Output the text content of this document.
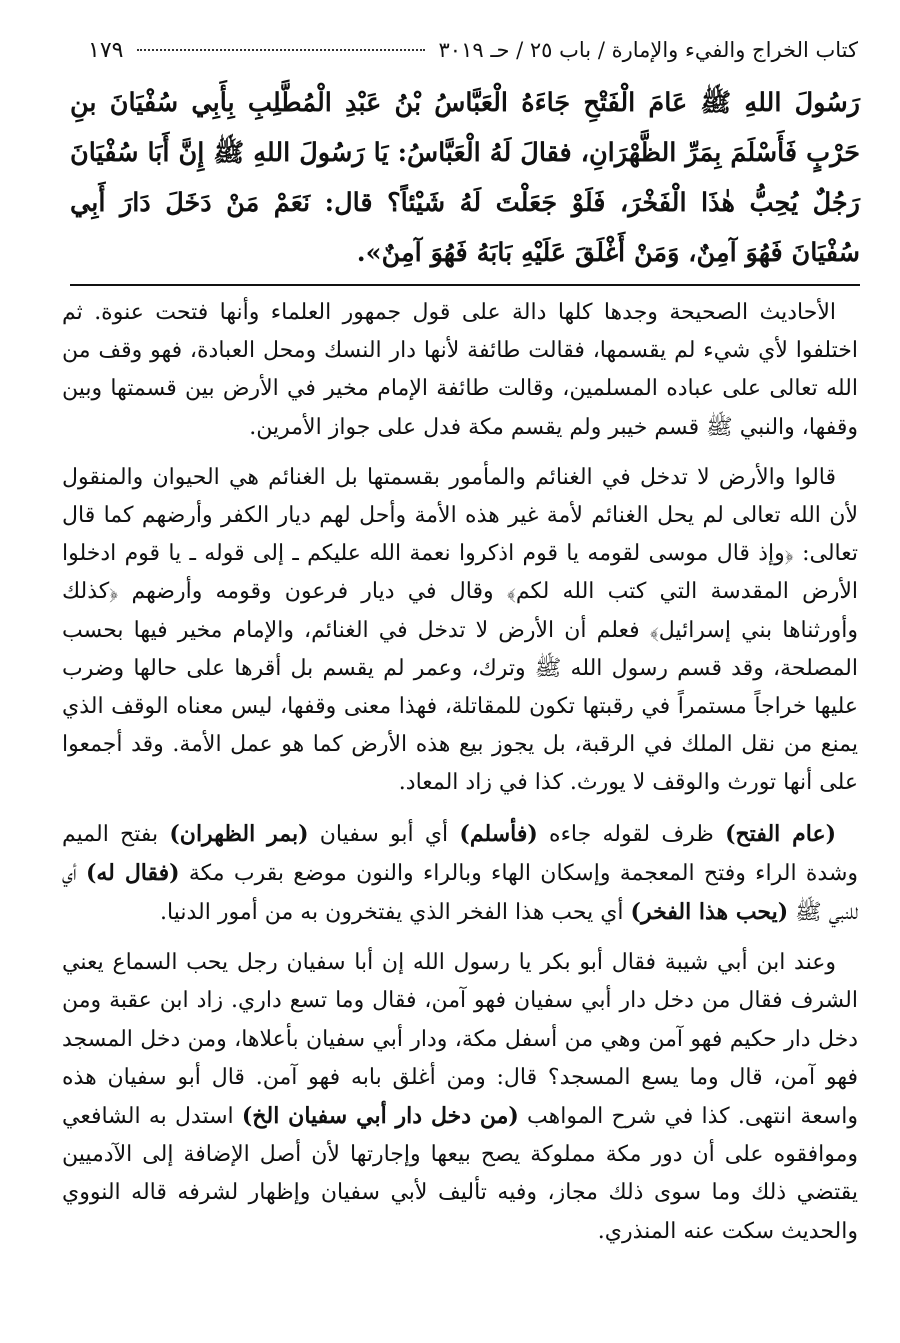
كتاب الخراج والفيء والإمارة / باب ٢٥ / حـ ٣٠١٩
١٧٩
رَسُولَ اللهِ ﷺ عَامَ الْفَتْحِ جَاءَهُ الْعَبَّاسُ بْنُ عَبْدِ الْمُطَّلِبِ بِأَبِي سُفْيَانَ بنِ حَرْبٍ فَأَسْلَمَ بِمَرِّ الظَّهْرَانِ، فقالَ لَهُ الْعَبَّاسُ: يَا رَسُولَ اللهِ ﷺ إِنَّ أَبَا سُفْيَانَ رَجُلٌ يُحِبُّ هٰذَا الْفَخْرَ، فَلَوْ جَعَلْتَ لَهُ شَيْئاً؟ قال: نَعَمْ مَنْ دَخَلَ دَارَ أَبِي سُفْيَانَ فَهُوَ آمِنٌ، وَمَنْ أَغْلَقَ عَلَيْهِ بَابَهُ فَهُوَ آمِنٌ».

الأحاديث الصحيحة وجدها كلها دالة على قول جمهور العلماء وأنها فتحت عنوة. ثم اختلفوا لأي شيء لم يقسمها، فقالت طائفة لأنها دار النسك ومحل العبادة، فهو وقف من الله تعالى على عباده المسلمين، وقالت طائفة الإمام مخير في الأرض بين قسمتها وبين وقفها، والنبي ﷺ قسم خيبر ولم يقسم مكة فدل على جواز الأمرين.

قالوا والأرض لا تدخل في الغنائم والمأمور بقسمتها بل الغنائم هي الحيوان والمنقول لأن الله تعالى لم يحل الغنائم لأمة غير هذه الأمة وأحل لهم ديار الكفر وأرضهم كما قال تعالى: ﴿وإذ قال موسى لقومه يا قوم اذكروا نعمة الله عليكم ـ إلى قوله ـ يا قوم ادخلوا الأرض المقدسة التي كتب الله لكم﴾ وقال في ديار فرعون وقومه وأرضهم ﴿كذلك وأورثناها بني إسرائيل﴾ فعلم أن الأرض لا تدخل في الغنائم، والإمام مخير فيها بحسب المصلحة، وقد قسم رسول الله ﷺ وترك، وعمر لم يقسم بل أقرها على حالها وضرب عليها خراجاً مستمراً في رقبتها تكون للمقاتلة، فهذا معنى وقفها، ليس معناه الوقف الذي يمنع من نقل الملك في الرقبة، بل يجوز بيع هذه الأرض كما هو عمل الأمة. وقد أجمعوا على أنها تورث والوقف لا يورث. كذا في زاد المعاد.

(عام الفتح) ظرف لقوله جاءه (فأسلم) أي أبو سفيان (بمر الظهران) بفتح الميم وشدة الراء وفتح المعجمة وإسكان الهاء وبالراء والنون موضع بقرب مكة (فقال له) أي للنبي ﷺ (يحب هذا الفخر) أي يحب هذا الفخر الذي يفتخرون به من أمور الدنيا.

وعند ابن أبي شيبة فقال أبو بكر يا رسول الله إن أبا سفيان رجل يحب السماع يعني الشرف فقال من دخل دار أبي سفيان فهو آمن، فقال وما تسع داري. زاد ابن عقبة ومن دخل دار حكيم فهو آمن وهي من أسفل مكة، ودار أبي سفيان بأعلاها، ومن دخل المسجد فهو آمن، قال وما يسع المسجد؟ قال: ومن أغلق بابه فهو آمن. قال أبو سفيان هذه واسعة انتهى. كذا في شرح المواهب (من دخل دار أبي سفيان الخ) استدل به الشافعي وموافقوه على أن دور مكة مملوكة يصح بيعها وإجارتها لأن أصل الإضافة إلى الآدميين يقتضي ذلك وما سوى ذلك مجاز، وفيه تأليف لأبي سفيان وإظهار لشرفه قاله النووي والحديث سكت عنه المنذري.
